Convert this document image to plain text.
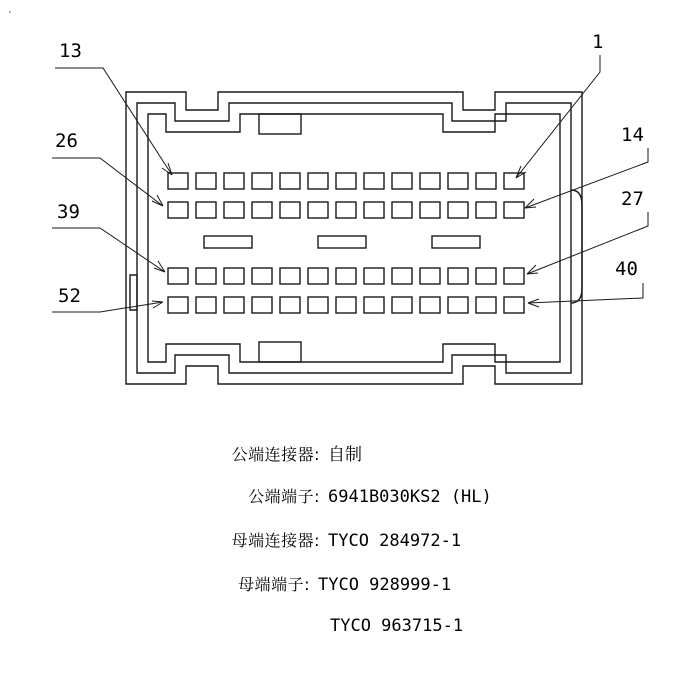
·
13	1
26	14
39
27
52
40
公端连接器: 自制
公端端子: 6941B030KS2 (HL)
母端连接器: TYCO 284972-1
母端端子: TYCO 928999-1
TYCO 963715-1
